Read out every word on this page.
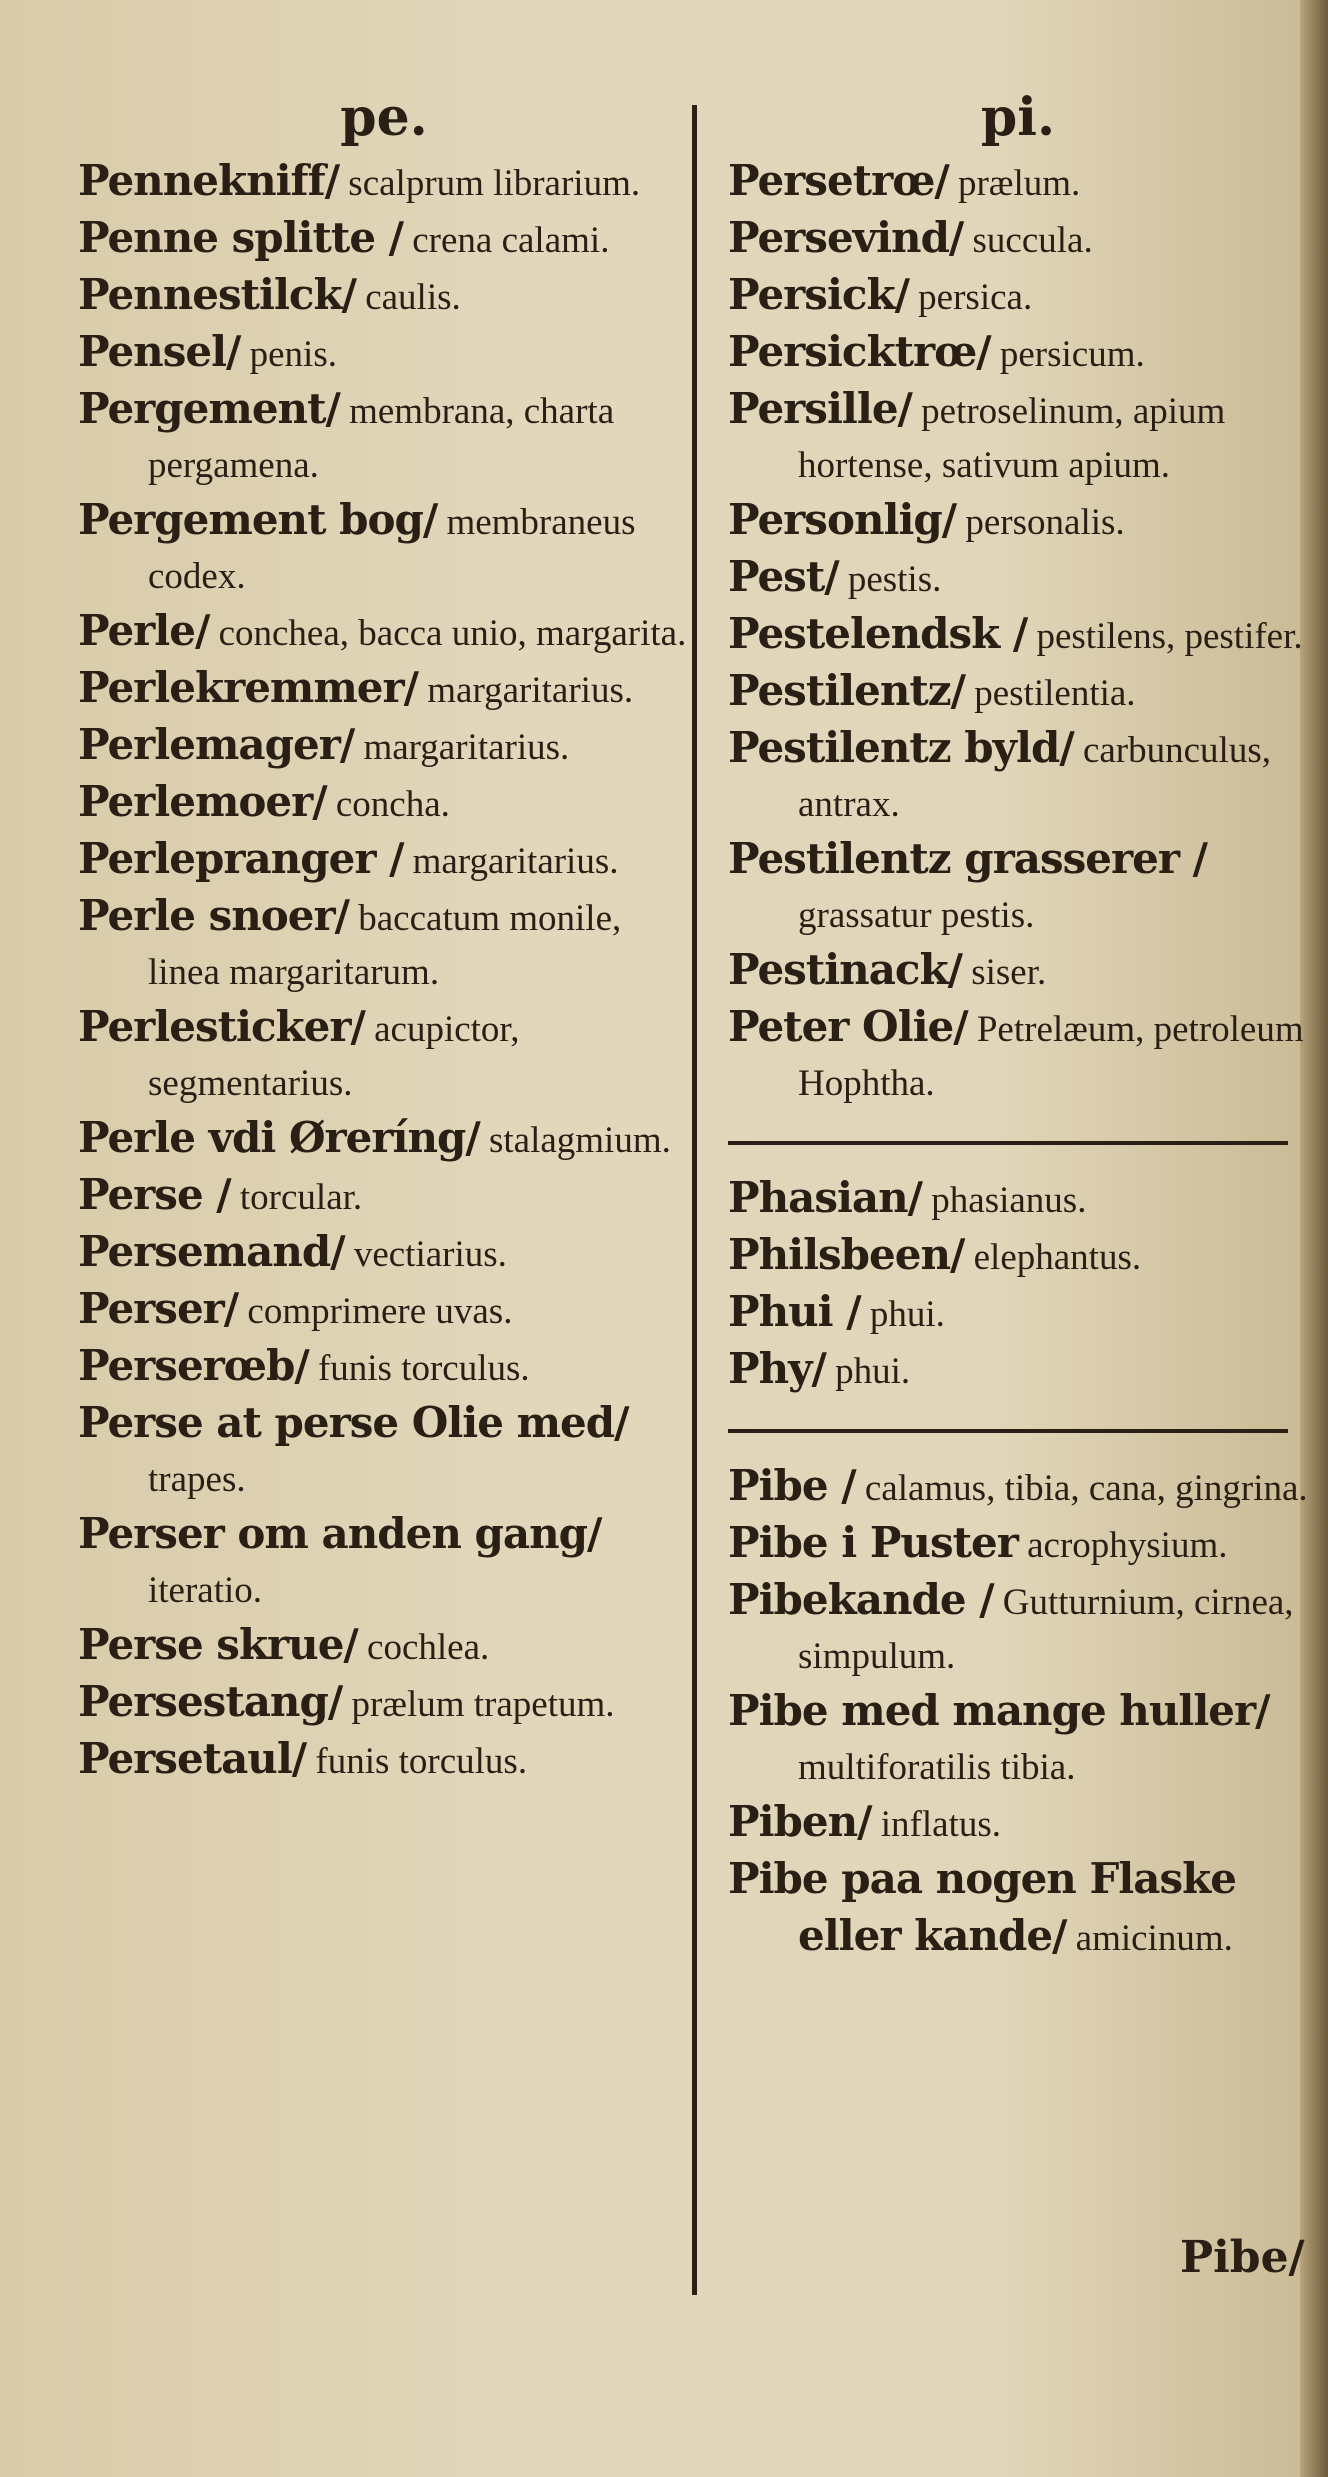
pe.

Pennekniff/ scalprum librarium.

Penne splitte / crena calami.

Pennestilck/ caulis.

Pensel/ penis.

Pergement/ membrana, charta pergamena.

Pergement bog/ membraneus codex.

Perle/ conchea, bacca unio, margarita.

Perlekremmer/ margaritarius.

Perlemager/ margaritarius.

Perlemoer/ concha.

Perlepranger / margaritarius.

Perle snoer/ baccatum monile, linea margaritarum.

Perlesticker/ acupictor, segmentarius.

Perle vdi Øreríng/ stalagmium.

Perse / torcular.

Persemand/ vectiarius.

Perser/ comprimere uvas.

Perserœb/ funis torculus.

Perse at perse Olie med/ trapes.

Perser om anden gang/ iteratio.

Perse skrue/ cochlea.

Persestang/ prælum trapetum.

Persetaul/ funis torculus.

pi.

Persetrœ/ prælum.

Persevind/ succula.

Persick/ persica.

Persicktrœ/ persicum.

Persille/ petroselinum, apium hortense, sativum apium.

Personlig/ personalis.

Pest/ pestis.

Pestelendsk / pestilens, pestifer.

Pestilentz/ pestilentia.

Pestilentz byld/ carbunculus, antrax.

Pestilentz grasserer / grassatur pestis.

Pestinack/ siser.

Peter Olie/ Petrelæum, petroleum Hophtha.

Phasian/ phasianus.

Philsbeen/ elephantus.

Phui / phui.

Phy/ phui.

Pibe / calamus, tibia, cana, gingrina.

Pibe i Puster acrophysium.

Pibekande / Gutturnium, cirnea, simpulum.

Pibe med mange huller/ multiforatilis tibia.

Piben/ inflatus.

Pibe paa nogen Flaske eller kande/ amicinum.

Pibe/
